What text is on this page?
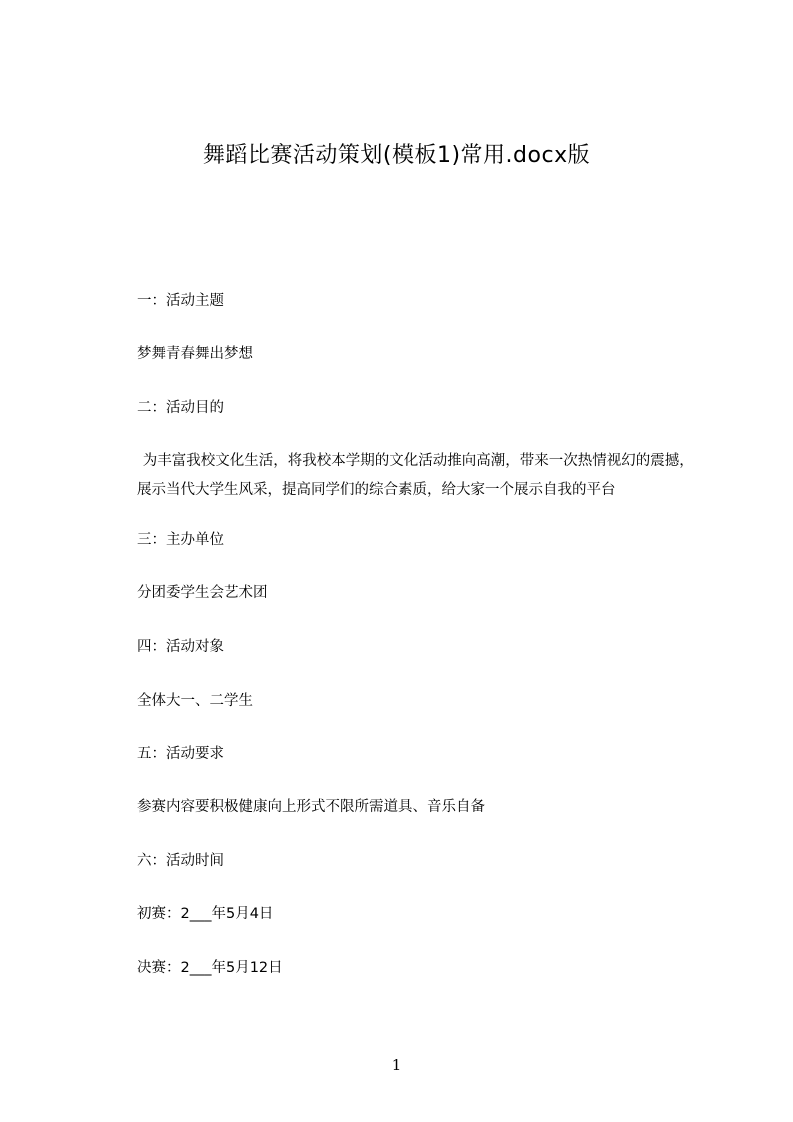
舞蹈比赛活动策划(模板1)常用.docx版
一：活动主题
梦舞青春舞出梦想
二：活动目的
为丰富我校文化生活，将我校本学期的文化活动推向高潮，带来一次热情视幻的震撼，展示当代大学生风采，提高同学们的综合素质，给大家一个展示自我的平台
三：主办单位
分团委学生会艺术团
四：活动对象
全体大一、二学生
五：活动要求
参赛内容要积极健康向上形式不限所需道具、音乐自备
六：活动时间
初赛：2___年5月4日
决赛：2___年5月12日
1
